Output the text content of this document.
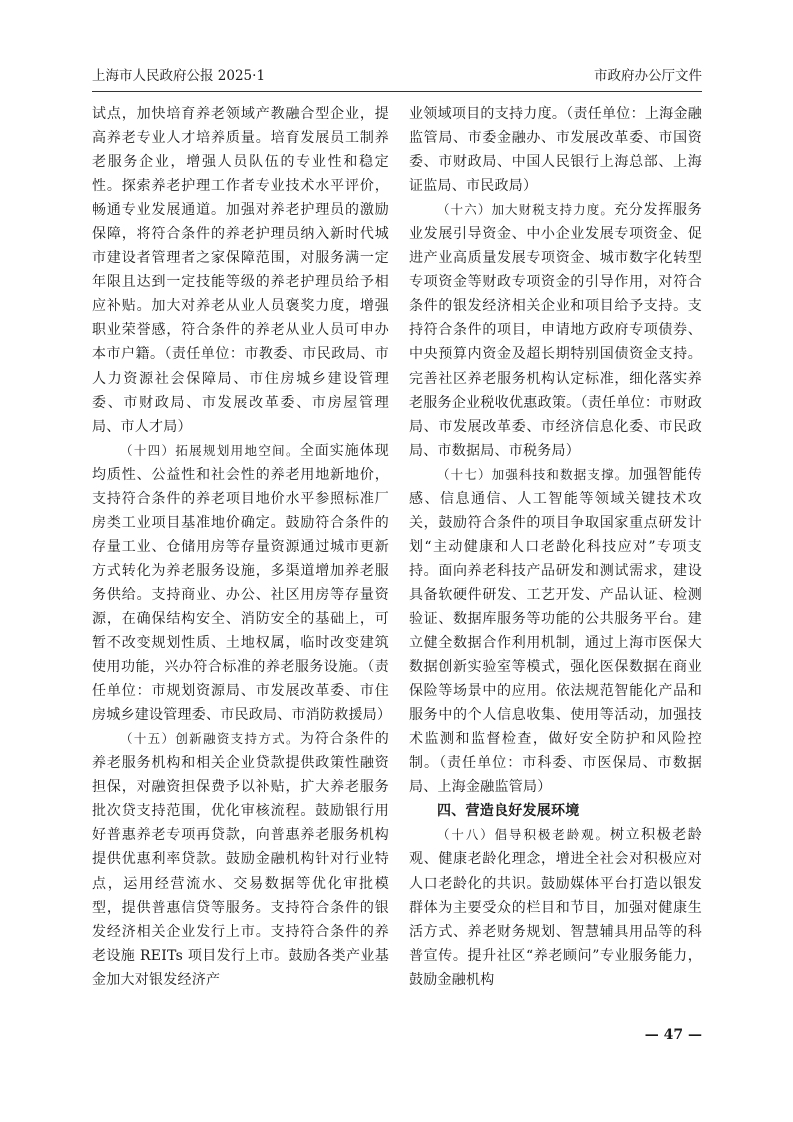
上海市人民政府公报 2025·1	市政府办公厅文件

试点，加快培育养老领域产教融合型企业，提高养老专业人才培养质量。培育发展员工制养老服务企业，增强人员队伍的专业性和稳定性。探索养老护理工作者专业技术水平评价，畅通专业发展通道。加强对养老护理员的激励保障，将符合条件的养老护理员纳入新时代城市建设者管理者之家保障范围，对服务满一定年限且达到一定技能等级的养老护理员给予相应补贴。加大对养老从业人员褒奖力度，增强职业荣誉感，符合条件的养老从业人员可申办本市户籍。（责任单位：市教委、市民政局、市人力资源社会保障局、市住房城乡建设管理委、市财政局、市发展改革委、市房屋管理局、市人才局）

（十四）拓展规划用地空间。全面实施体现均质性、公益性和社会性的养老用地新地价，支持符合条件的养老项目地价水平参照标准厂房类工业项目基准地价确定。鼓励符合条件的存量工业、仓储用房等存量资源通过城市更新方式转化为养老服务设施，多渠道增加养老服务供给。支持商业、办公、社区用房等存量资源，在确保结构安全、消防安全的基础上，可暂不改变规划性质、土地权属，临时改变建筑使用功能，兴办符合标准的养老服务设施。（责任单位：市规划资源局、市发展改革委、市住房城乡建设管理委、市民政局、市消防救援局）

（十五）创新融资支持方式。为符合条件的养老服务机构和相关企业贷款提供政策性融资担保，对融资担保费予以补贴，扩大养老服务批次贷支持范围，优化审核流程。鼓励银行用好普惠养老专项再贷款，向普惠养老服务机构提供优惠利率贷款。鼓励金融机构针对行业特点，运用经营流水、交易数据等优化审批模型，提供普惠信贷等服务。支持符合条件的银发经济相关企业发行上市。支持符合条件的养老设施 REITs 项目发行上市。鼓励各类产业基金加大对银发经济产

业领域项目的支持力度。（责任单位：上海金融监管局、市委金融办、市发展改革委、市国资委、市财政局、中国人民银行上海总部、上海证监局、市民政局）

（十六）加大财税支持力度。充分发挥服务业发展引导资金、中小企业发展专项资金、促进产业高质量发展专项资金、城市数字化转型专项资金等财政专项资金的引导作用，对符合条件的银发经济相关企业和项目给予支持。支持符合条件的项目，申请地方政府专项债券、中央预算内资金及超长期特别国债资金支持。完善社区养老服务机构认定标准，细化落实养老服务企业税收优惠政策。（责任单位：市财政局、市发展改革委、市经济信息化委、市民政局、市数据局、市税务局）

（十七）加强科技和数据支撑。加强智能传感、信息通信、人工智能等领域关键技术攻关，鼓励符合条件的项目争取国家重点研发计划“主动健康和人口老龄化科技应对”专项支持。面向养老科技产品研发和测试需求，建设具备软硬件研发、工艺开发、产品认证、检测验证、数据库服务等功能的公共服务平台。建立健全数据合作利用机制，通过上海市医保大数据创新实验室等模式，强化医保数据在商业保险等场景中的应用。依法规范智能化产品和服务中的个人信息收集、使用等活动，加强技术监测和监督检查，做好安全防护和风险控制。（责任单位：市科委、市医保局、市数据局、上海金融监管局）

四、营造良好发展环境

（十八）倡导积极老龄观。树立积极老龄观、健康老龄化理念，增进全社会对积极应对人口老龄化的共识。鼓励媒体平台打造以银发群体为主要受众的栏目和节目，加强对健康生活方式、养老财务规划、智慧辅具用品等的科普宣传。提升社区“养老顾问”专业服务能力，鼓励金融机构

— 47 —
